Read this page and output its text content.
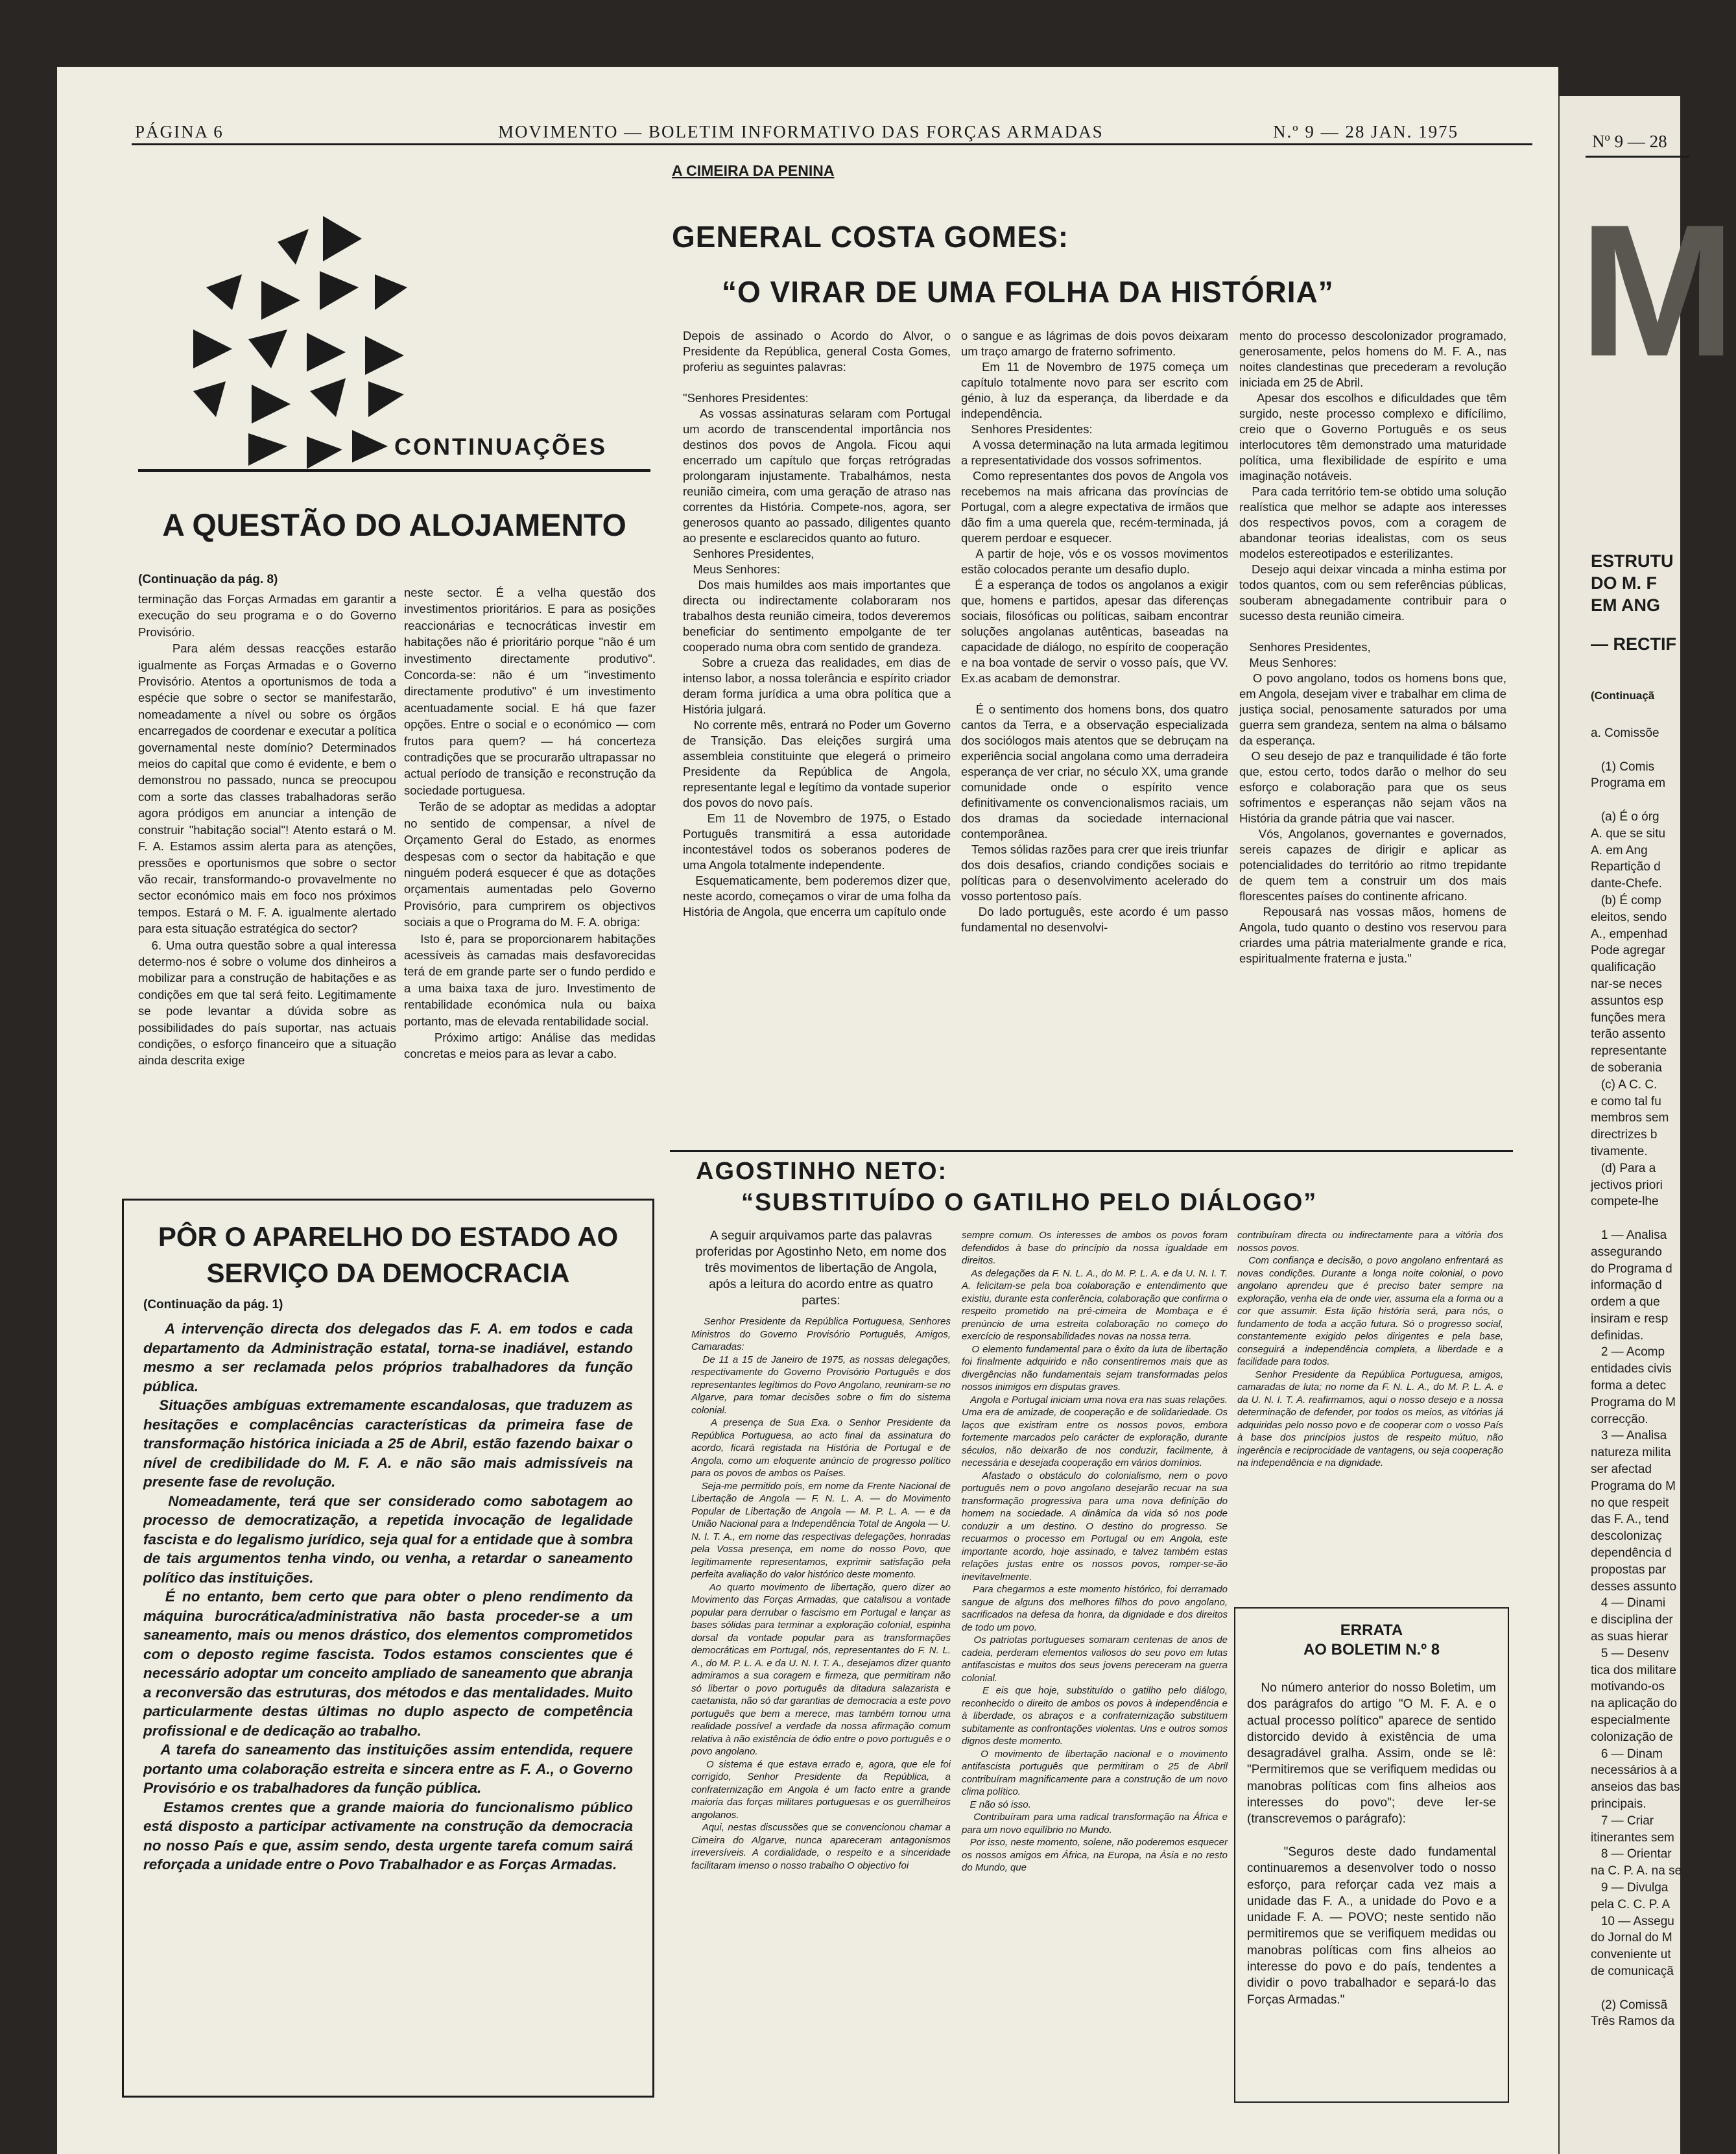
PÁGINA 6	MOVIMENTO — BOLETIM INFORMATIVO DAS FORÇAS ARMADAS	N.º 9 — 28 JAN. 1975
CONTINUAÇÕES
A QUESTÃO DO ALOJAMENTO
(Continuação da pág. 8)
terminação das Forças Armadas em garantir a execução do seu programa e o do Governo Provisório.
Para além dessas reacções estarão igualmente as Forças Armadas e o Governo Provisório. Atentos a oportunismos de toda a espécie que sobre o sector se manifestarão, nomeadamente a nível ou sobre os órgãos encarregados de coordenar e executar a política governamental neste domínio? Determinados meios do capital que como é evidente, e bem o demonstrou no passado, nunca se preocupou com a sorte das classes trabalhadoras serão agora pródigos em anunciar a intenção de construir "habitação social"! Atento estará o M. F. A. Estamos assim alerta para as atenções, pressões e oportunismos que sobre o sector vão recair, transformando-o provavelmente no sector económico mais em foco nos próximos tempos. Estará o M. F. A. igualmente alertado para esta situação estratégica do sector?
6. Uma outra questão sobre a qual interessa determo-nos é sobre o volume dos dinheiros a mobilizar para a construção de habitações e as condições em que tal será feito. Legitimamente se pode levantar a dúvida sobre as possibilidades do país suportar, nas actuais condições, o esforço financeiro que a situação ainda descrita exige
neste sector. É a velha questão dos investimentos prioritários. E para as posições reaccionárias e tecnocráticas investir em habitações não é prioritário porque "não é um investimento directamente produtivo". Concorda-se: não é um "investimento directamente produtivo" é um investimento acentuadamente social. E há que fazer opções. Entre o social e o económico — com frutos para quem? — há concerteza contradições que se procurarão ultrapassar no actual período de transição e reconstrução da sociedade portuguesa.
Terão de se adoptar as medidas a adoptar no sentido de compensar, a nível de Orçamento Geral do Estado, as enormes despesas com o sector da habitação e que ninguém poderá esquecer é que as dotações orçamentais aumentadas pelo Governo Provisório, para cumprirem os objectivos sociais a que o Programa do M. F. A. obriga:
Isto é, para se proporcionarem habitações acessíveis às camadas mais desfavorecidas terá de em grande parte ser o fundo perdido e a uma baixa taxa de juro. Investimento de rentabilidade económica nula ou baixa portanto, mas de elevada rentabilidade social.
Próximo artigo: Análise das medidas concretas e meios para as levar a cabo.
PÔR O APARELHO DO ESTADO AO SERVIÇO DA DEMOCRACIA
(Continuação da pág. 1)
A intervenção directa dos delegados das F. A. em todos e cada departamento da Administração estatal, torna-se inadiável, estando mesmo a ser reclamada pelos próprios trabalhadores da função pública.
Situações ambíguas extremamente escandalosas, que traduzem as hesitações e complacências características da primeira fase de transformação histórica iniciada a 25 de Abril, estão fazendo baixar o nível de credibilidade do M. F. A. e não são mais admissíveis na presente fase de revolução.
Nomeadamente, terá que ser considerado como sabotagem ao processo de democratização, a repetida invocação de legalidade fascista e do legalismo jurídico, seja qual for a entidade que à sombra de tais argumentos tenha vindo, ou venha, a retardar o saneamento político das instituições.
É no entanto, bem certo que para obter o pleno rendimento da máquina burocrática/administrativa não basta proceder-se a um saneamento, mais ou menos drástico, dos elementos comprometidos com o deposto regime fascista. Todos estamos conscientes que é necessário adoptar um conceito ampliado de saneamento que abranja a reconversão das estruturas, dos métodos e das mentalidades. Muito particularmente destas últimas no duplo aspecto de competência profissional e de dedicação ao trabalho.
A tarefa do saneamento das instituições assim entendida, requere portanto uma colaboração estreita e sincera entre as F. A., o Governo Provisório e os trabalhadores da função pública.
Estamos crentes que a grande maioria do funcionalismo público está disposto a participar activamente na construção da democracia no nosso País e que, assim sendo, desta urgente tarefa comum sairá reforçada a unidade entre o Povo Trabalhador e as Forças Armadas.
A CIMEIRA DA PENINA
GENERAL COSTA GOMES:
“O VIRAR DE UMA FOLHA DA HISTÓRIA”
Depois de assinado o Acordo do Alvor, o Presidente da República, general Costa Gomes, proferiu as seguintes palavras:

"Senhores Presidentes:
As vossas assinaturas selaram com Portugal um acordo de transcendental importância nos destinos dos povos de Angola. Ficou aqui encerrado um capítulo que forças retrógradas prolongaram injustamente. Trabalhámos, nesta reunião cimeira, com uma geração de atraso nas correntes da História. Compete-nos, agora, ser generosos quanto ao passado, diligentes quanto ao presente e esclarecidos quanto ao futuro.
Senhores Presidentes,
Meus Senhores:
Dos mais humildes aos mais importantes que directa ou indirectamente colaboraram nos trabalhos desta reunião cimeira, todos deveremos beneficiar do sentimento empolgante de ter cooperado numa obra com sentido de grandeza.
Sobre a crueza das realidades, em dias de intenso labor, a nossa tolerância e espírito criador deram forma jurídica a uma obra política que a História julgará.
No corrente mês, entrará no Poder um Governo de Transição. Das eleições surgirá uma assembleia constituinte que elegerá o primeiro Presidente da República de Angola, representante legal e legítimo da vontade superior dos povos do novo país.
Em 11 de Novembro de 1975, o Estado Português transmitirá a essa autoridade incontestável todos os soberanos poderes de uma Angola totalmente independente.
Esquematicamente, bem poderemos dizer que, neste acordo, começamos o virar de uma folha da História de Angola, que encerra um capítulo onde
o sangue e as lágrimas de dois povos deixaram um traço amargo de fraterno sofrimento.
Em 11 de Novembro de 1975 começa um capítulo totalmente novo para ser escrito com génio, à luz da esperança, da liberdade e da independência.
Senhores Presidentes:
A vossa determinação na luta armada legitimou a representatividade dos vossos sofrimentos.
Como representantes dos povos de Angola vos recebemos na mais africana das províncias de Portugal, com a alegre expectativa de irmãos que dão fim a uma querela que, recém-terminada, já querem perdoar e esquecer.
A partir de hoje, vós e os vossos movimentos estão colocados perante um desafio duplo.
É a esperança de todos os angolanos a exigir que, homens e partidos, apesar das diferenças sociais, filosóficas ou políticas, saibam encontrar soluções angolanas autênticas, baseadas na capacidade de diálogo, no espírito de cooperação e na boa vontade de servir o vosso país, que VV. Ex.as acabam de demonstrar.

É o sentimento dos homens bons, dos quatro cantos da Terra, e a observação especializada dos sociólogos mais atentos que se debruçam na experiência social angolana como uma derradeira esperança de ver criar, no século XX, uma grande comunidade onde o espírito vence definitivamente os convencionalismos raciais, um dos dramas da sociedade internacional contemporânea.
Temos sólidas razões para crer que ireis triunfar dos dois desafios, criando condições sociais e políticas para o desenvolvimento acelerado do vosso portentoso país.
Do lado português, este acordo é um passo fundamental no desenvolvi-
mento do processo descolonizador programado, generosamente, pelos homens do M. F. A., nas noites clandestinas que precederam a revolução iniciada em 25 de Abril.
Apesar dos escolhos e dificuldades que têm surgido, neste processo complexo e difícílimo, creio que o Governo Português e os seus interlocutores têm demonstrado uma maturidade política, uma flexibilidade de espírito e uma imaginação notáveis.
Para cada território tem-se obtido uma solução realística que melhor se adapte aos interesses dos respectivos povos, com a coragem de abandonar teorias idealistas, com os seus modelos estereotipados e esterilizantes.
Desejo aqui deixar vincada a minha estima por todos quantos, com ou sem referências públicas, souberam abnegadamente contribuir para o sucesso desta reunião cimeira.

Senhores Presidentes,
Meus Senhores:
O povo angolano, todos os homens bons que, em Angola, desejam viver e trabalhar em clima de justiça social, penosamente saturados por uma guerra sem grandeza, sentem na alma o bálsamo da esperança.
O seu desejo de paz e tranquilidade é tão forte que, estou certo, todos darão o melhor do seu esforço e colaboração para que os seus sofrimentos e esperanças não sejam vãos na História da grande pátria que vai nascer.
Vós, Angolanos, governantes e governados, sereis capazes de dirigir e aplicar as potencialidades do território ao ritmo trepidante de quem tem a construir um dos mais florescentes países do continente africano.
Repousará nas vossas mãos, homens de Angola, tudo quanto o destino vos reservou para criardes uma pátria materialmente grande e rica, espiritualmente fraterna e justa."
AGOSTINHO NETO:
“SUBSTITUÍDO O GATILHO PELO DIÁLOGO”
A seguir arquivamos parte das palavras proferidas por Agostinho Neto, em nome dos três movimentos de libertação de Angola, após a leitura do acordo entre as quatro partes:
Senhor Presidente da República Portuguesa, Senhores Ministros do Governo Provisório Português, Amigos, Camaradas:
De 11 a 15 de Janeiro de 1975, as nossas delegações, respectivamente do Governo Provisório Português e dos representantes legítimos do Povo Angolano, reuniram-se no Algarve, para tomar decisões sobre o fim do sistema colonial.
A presença de Sua Exa. o Senhor Presidente da República Portuguesa, ao acto final da assinatura do acordo, ficará registada na História de Portugal e de Angola, como um eloquente anúncio de progresso político para os povos de ambos os Países.
Seja-me permitido pois, em nome da Frente Nacional de Libertação de Angola — F. N. L. A. — do Movimento Popular de Libertação de Angola — M. P. L. A. — e da União Nacional para a Independência Total de Angola — U. N. I. T. A., em nome das respectivas delegações, honradas pela Vossa presença, em nome do nosso Povo, que legitimamente representamos, exprimir satisfação pela perfeita avaliação do valor histórico deste momento.
Ao quarto movimento de libertação, quero dizer ao Movimento das Forças Armadas, que catalisou a vontade popular para derrubar o fascismo em Portugal e lançar as bases sólidas para terminar a exploração colonial, espinha dorsal da vontade popular para as transformações democráticas em Portugal, nós, representantes do F. N. L. A., do M. P. L. A. e da U. N. I. T. A., desejamos dizer quanto admiramos a sua coragem e firmeza, que permitiram não só libertar o povo português da ditadura salazarista e caetanista, não só dar garantias de democracia a este povo português que bem a merece, mas também tornou uma realidade possível a verdade da nossa afirmação comum relativa à não existência de ódio entre o povo português e o povo angolano.
O sistema é que estava errado e, agora, que ele foi corrigido, Senhor Presidente da República, a confraternização em Angola é um facto entre a grande maioria das forças militares portuguesas e os guerrilheiros angolanos.
Aqui, nestas discussões que se convencionou chamar a Cimeira do Algarve, nunca apareceram antagonismos irreversíveis. A cordialidade, o respeito e a sinceridade facilitaram imenso o nosso trabalho O objectivo foi
sempre comum. Os interesses de ambos os povos foram defendidos à base do princípio da nossa igualdade em direitos.
As delegações da F. N. L. A., do M. P. L. A. e da U. N. I. T. A. felicitam-se pela boa colaboração e entendimento que existiu, durante esta conferência, colaboração que confirma o respeito prometido na pré-cimeira de Mombaça e é prenúncio de uma estreita colaboração no começo do exercício de responsabilidades novas na nossa terra.
O elemento fundamental para o êxito da luta de libertação foi finalmente adquirido e não consentiremos mais que as divergências não fundamentais sejam transformadas pelos nossos inimigos em disputas graves.
Angola e Portugal iniciam uma nova era nas suas relações. Uma era de amizade, de cooperação e de solidariedade. Os laços que existiram entre os nossos povos, embora fortemente marcados pelo carácter de exploração, durante séculos, não deixarão de nos conduzir, facilmente, à necessária e desejada cooperação em vários domínios.
Afastado o obstáculo do colonialismo, nem o povo português nem o povo angolano desejarão recuar na sua transformação progressiva para uma nova definição do homem na sociedade. A dinâmica da vida só nos pode conduzir a um destino. O destino do progresso. Se recuarmos o processo em Portugal ou em Angola, este importante acordo, hoje assinado, e talvez também estas relações justas entre os nossos povos, romper-se-ão inevitavelmente.
Para chegarmos a este momento histórico, foi derramado sangue de alguns dos melhores filhos do povo angolano, sacrificados na defesa da honra, da dignidade e dos direitos de todo um povo.
Os patriotas portugueses somaram centenas de anos de cadeia, perderam elementos valiosos do seu povo em lutas antifascistas e muitos dos seus jovens pereceram na guerra colonial.
E eis que hoje, substituído o gatilho pelo diálogo, reconhecido o direito de ambos os povos à independência e à liberdade, os abraços e a confraternização substituem subitamente as confrontações violentas. Uns e outros somos dignos deste momento.
O movimento de libertação nacional e o movimento antifascista português que permitiram o 25 de Abril contribuíram magnificamente para a construção de um novo clima político.
E não só isso.
Contribuíram para uma radical transformação na África e para um novo equilíbrio no Mundo.
Por isso, neste momento, solene, não poderemos esquecer os nossos amigos em África, na Europa, na Ásia e no resto do Mundo, que
contribuíram directa ou indirectamente para a vitória dos nossos povos.
Com confiança e decisão, o povo angolano enfrentará as novas condições. Durante a longa noite colonial, o povo angolano aprendeu que é preciso bater sempre na exploração, venha ela de onde vier, assuma ela a forma ou a cor que assumir. Esta lição história será, para nós, o fundamento de toda a acção futura. Só o progresso social, constantemente exigido pelos dirigentes e pela base, conseguirá a independência completa, a liberdade e a facilidade para todos.
Senhor Presidente da República Portuguesa, amigos, camaradas de luta; no nome da F. N. L. A., do M. P. L. A. e da U. N. I. T. A. reafirmamos, aqui o nosso desejo e a nossa determinação de defender, por todos os meios, as vitórias já adquiridas pelo nosso povo e de cooperar com o vosso País à base dos princípios justos de respeito mútuo, não ingerência e reciprocidade de vantagens, ou seja cooperação na independência e na dignidade.
ERRATA
AO BOLETIM N.º 8
No número anterior do nosso Boletim, um dos parágrafos do artigo "O M. F. A. e o actual processo político" aparece de sentido distorcido devido à existência de uma desagradável gralha. Assim, onde se lê: "Permitiremos que se verifiquem medidas ou manobras políticas com fins alheios aos interesses do povo"; deve ler-se (transcrevemos o parágrafo):

"Seguros deste dado fundamental continuaremos a desenvolver todo o nosso esforço, para reforçar cada vez mais a unidade das F. A., a unidade do Povo e a unidade F. A. — POVO; neste sentido não permitiremos que se verifiquem medidas ou manobras políticas com fins alheios ao interesse do povo e do país, tendentes a dividir o povo trabalhador e separá-lo das Forças Armadas."
Nº 9 — 28
M
ESTRUTU
DO M. F
EM ANG
— RECTIF
(Continuaçã
a. Comissõe

(1) Comis
Programa em

(a) É o órg
A. que se situ
A. em Ang
Repartição d
dante-Chefe.
(b) É comp
eleitos, sendo
A., empenhad
Pode agregar
qualificação
nar-se neces
assuntos esp
funções mera
terão assento
representante
de soberania
(c) A C. C.
e como tal fu
membros sem
directrizes b
tivamente.
(d) Para a
jectivos priori
compete-lhe

1 — Analisa
assegurando
do Programa d
informação d
ordem a que
insiram e resp
definidas.
2 — Acomp
entidades civis
forma a detec
Programa do M
correcção.
3 — Analisa
natureza milita
ser afectad
Programa do M
no que respeit
das F. A., tend
descolonizaç
dependência d
propostas par
desses assunto
4 — Dinami
e disciplina der
as suas hierar
5 — Desenv
tica dos militare
motivando-os
na aplicação do
especialmente
colonização de
6 — Dinam
necessários à a
anseios das bas
principais.
7 — Criar
itinerantes sem
8 — Orientar
na C. P. A. na se
9 — Divulga
pela C. C. P. A
10 — Assegu
do Jornal do M
conveniente ut
de comunicaçã

(2) Comissã
Três Ramos da
